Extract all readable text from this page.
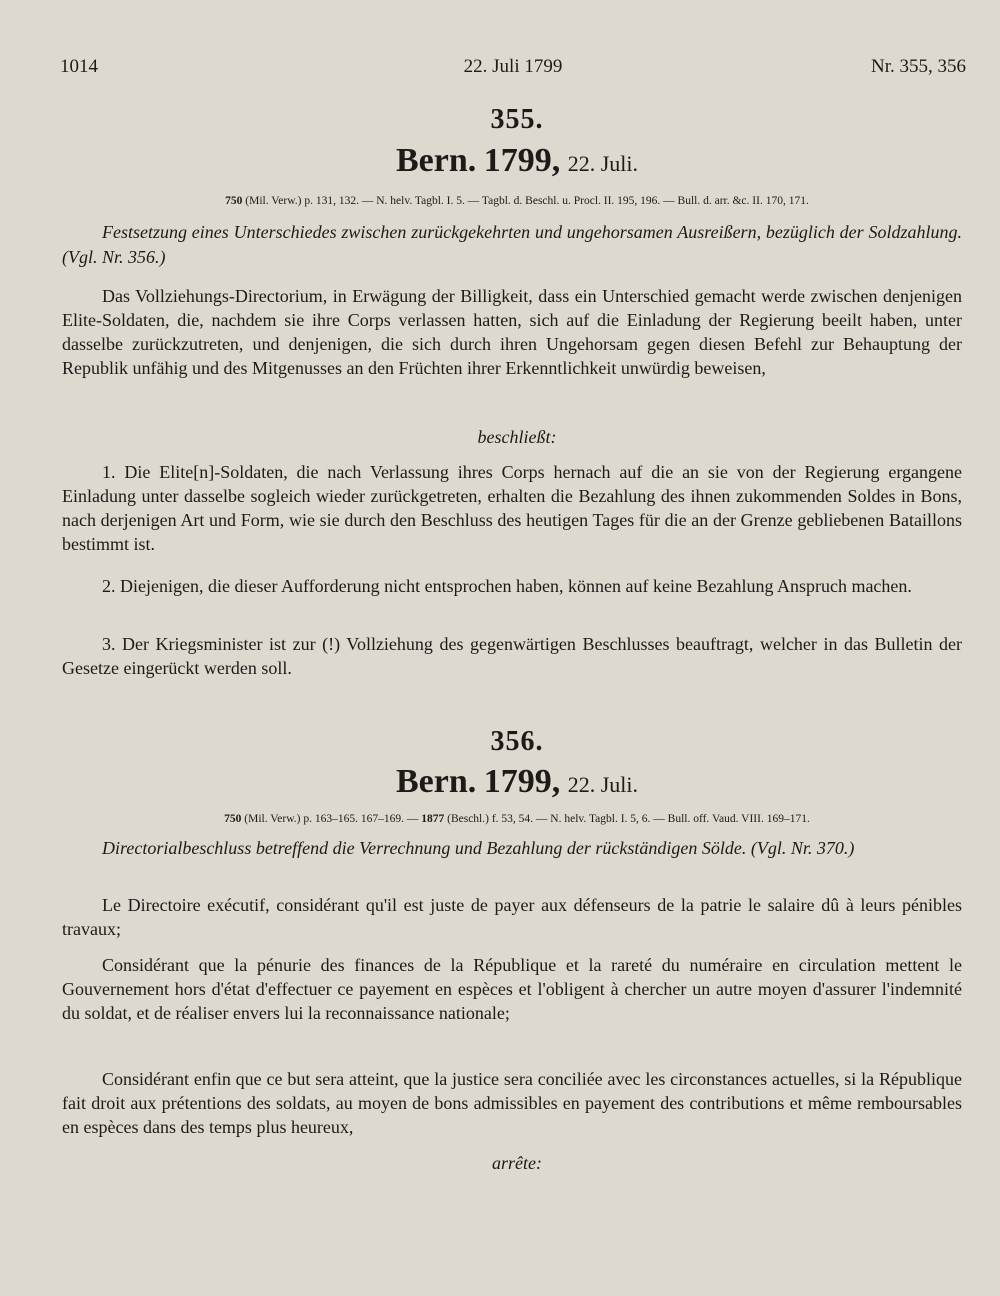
1014	22. Juli 1799	Nr. 355, 356
355.
Bern. 1799, 22. Juli.
750 (Mil. Verw.) p. 131, 132. — N. helv. Tagbl. I. 5. — Tagbl. d. Beschl. u. Procl. II. 195, 196. — Bull. d. arr. &c. II. 170, 171.
Festsetzung eines Unterschiedes zwischen zurückgekehrten und ungehorsamen Ausreißern, bezüglich der Soldzahlung. (Vgl. Nr. 356.)
Das Vollziehungs-Directorium, in Erwägung der Billigkeit, dass ein Unterschied gemacht werde zwischen denjenigen Elite-Soldaten, die, nachdem sie ihre Corps verlassen hatten, sich auf die Einladung der Regierung beeilt haben, unter dasselbe zurückzutreten, und denjenigen, die sich durch ihren Ungehorsam gegen diesen Befehl zur Behauptung der Republik unfähig und des Mitgenusses an den Früchten ihrer Erkenntlichkeit unwürdig beweisen,
beschließt:
1. Die Elite[n]-Soldaten, die nach Verlassung ihres Corps hernach auf die an sie von der Regierung ergangene Einladung unter dasselbe sogleich wieder zurückgetreten, erhalten die Bezahlung des ihnen zukommenden Soldes in Bons, nach derjenigen Art und Form, wie sie durch den Beschluss des heutigen Tages für die an der Grenze gebliebenen Bataillons bestimmt ist.
2. Diejenigen, die dieser Aufforderung nicht entsprochen haben, können auf keine Bezahlung Anspruch machen.
3. Der Kriegsminister ist zur (!) Vollziehung des gegenwärtigen Beschlusses beauftragt, welcher in das Bulletin der Gesetze eingerückt werden soll.
356.
Bern. 1799, 22. Juli.
750 (Mil. Verw.) p. 163–165. 167–169. — 1877 (Beschl.) f. 53, 54. — N. helv. Tagbl. I. 5, 6. — Bull. off. Vaud. VIII. 169–171.
Directorialbeschluss betreffend die Verrechnung und Bezahlung der rückständigen Sölde. (Vgl. Nr. 370.)
Le Directoire exécutif, considérant qu'il est juste de payer aux défenseurs de la patrie le salaire dû à leurs pénibles travaux;
Considérant que la pénurie des finances de la République et la rareté du numéraire en circulation mettent le Gouvernement hors d'état d'effectuer ce payement en espèces et l'obligent à chercher un autre moyen d'assurer l'indemnité du soldat, et de réaliser envers lui la reconnaissance nationale;
Considérant enfin que ce but sera atteint, que la justice sera conciliée avec les circonstances actuelles, si la République fait droit aux prétentions des soldats, au moyen de bons admissibles en payement des contributions et même remboursables en espèces dans des temps plus heureux,
arrête:
